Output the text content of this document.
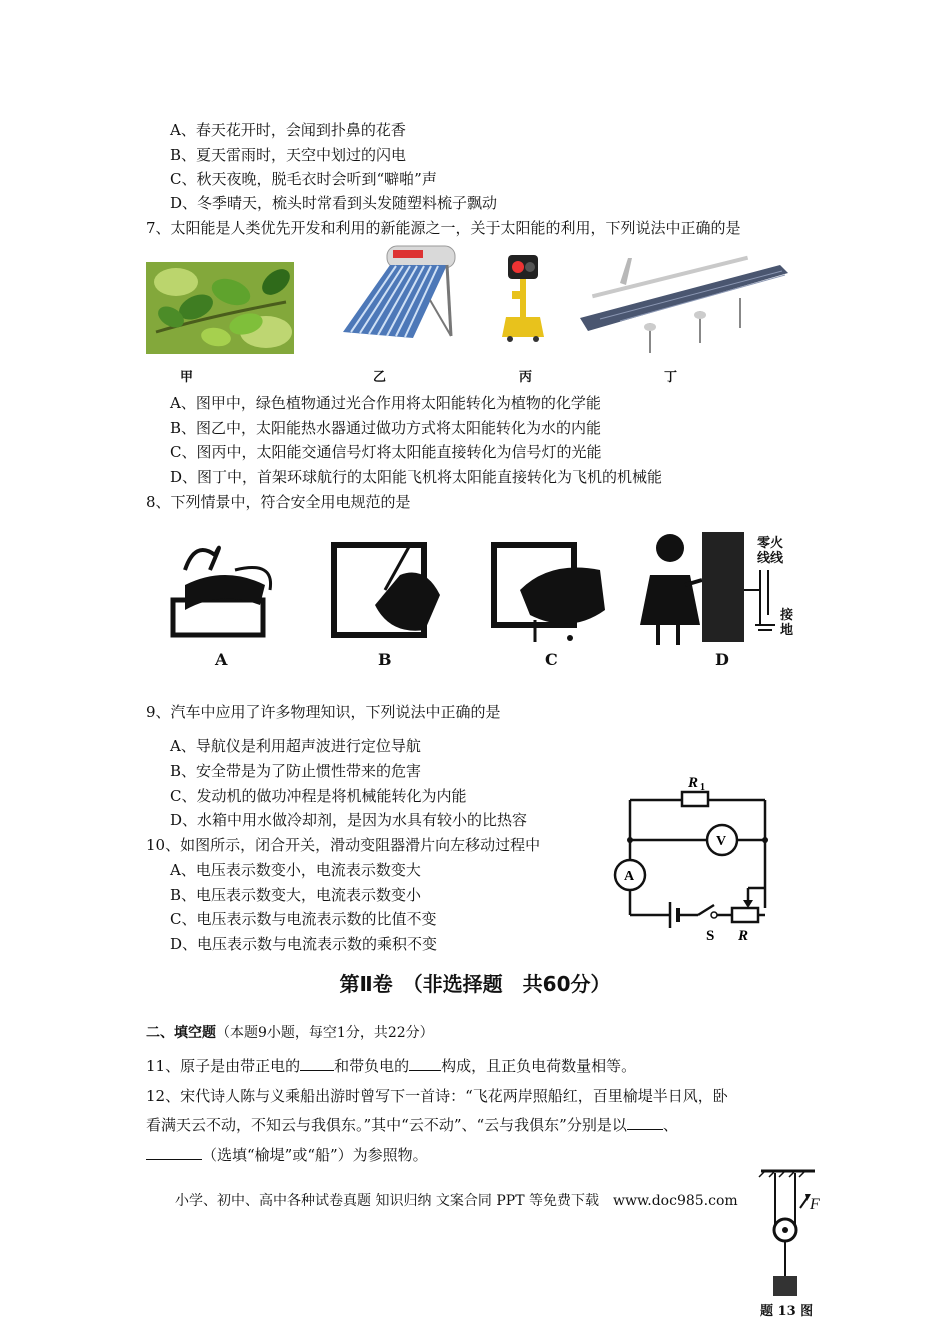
A、春天花开时，会闻到扑鼻的花香
B、夏天雷雨时，天空中划过的闪电
C、秋天夜晚，脱毛衣时会听到“噼啪”声
D、冬季晴天，梳头时常看到头发随塑料梳子飘动
7、太阳能是人类优先开发和利用的新能源之一，关于太阳能的利用，下列说法中正确的是
甲	乙	丙	丁
A、图甲中，绿色植物通过光合作用将太阳能转化为植物的化学能
B、图乙中，太阳能热水器通过做功方式将太阳能转化为水的内能
C、图丙中，太阳能交通信号灯将太阳能直接转化为信号灯的光能
D、图丁中，首架环球航行的太阳能飞机将太阳能直接转化为飞机的机械能
8、下列情景中，符合安全用电规范的是
零火
线线
接
地
A	B	C	D
9、汽车中应用了许多物理知识，下列说法中正确的是
A、导航仪是利用超声波进行定位导航
B、安全带是为了防止惯性带来的危害
C、发动机的做功冲程是将机械能转化为内能
D、水箱中用水做冷却剂，是因为水具有较小的比热容
10、如图所示，闭合开关，滑动变阻器滑片向左移动过程中
A、电压表示数变小，电流表示数变大
B、电压表示数变大，电流表示数变小
C、电压表示数与电流表示数的比值不变
D、电压表示数与电流表示数的乘积不变
R 1
V
A
S R
第Ⅱ卷　（非选择题　共60分）
二、填空题（本题9小题，每空1分，共22分）
11、原子是由带正电的 和带负电的 构成，且正负电荷数量相等。
12、宋代诗人陈与义乘船出游时曾写下一首诗：“飞花两岸照船红，百里榆堤半日风，卧
看满天云不动，不知云与我俱东。”其中“云不动”、“云与我俱东”分别是以 、
（选填“榆堤”或“船”）为参照物。
小学、初中、高中各种试卷真题 知识归纳 文案合同 PPT 等免费下载　www.doc985.com	F
题 13 图
